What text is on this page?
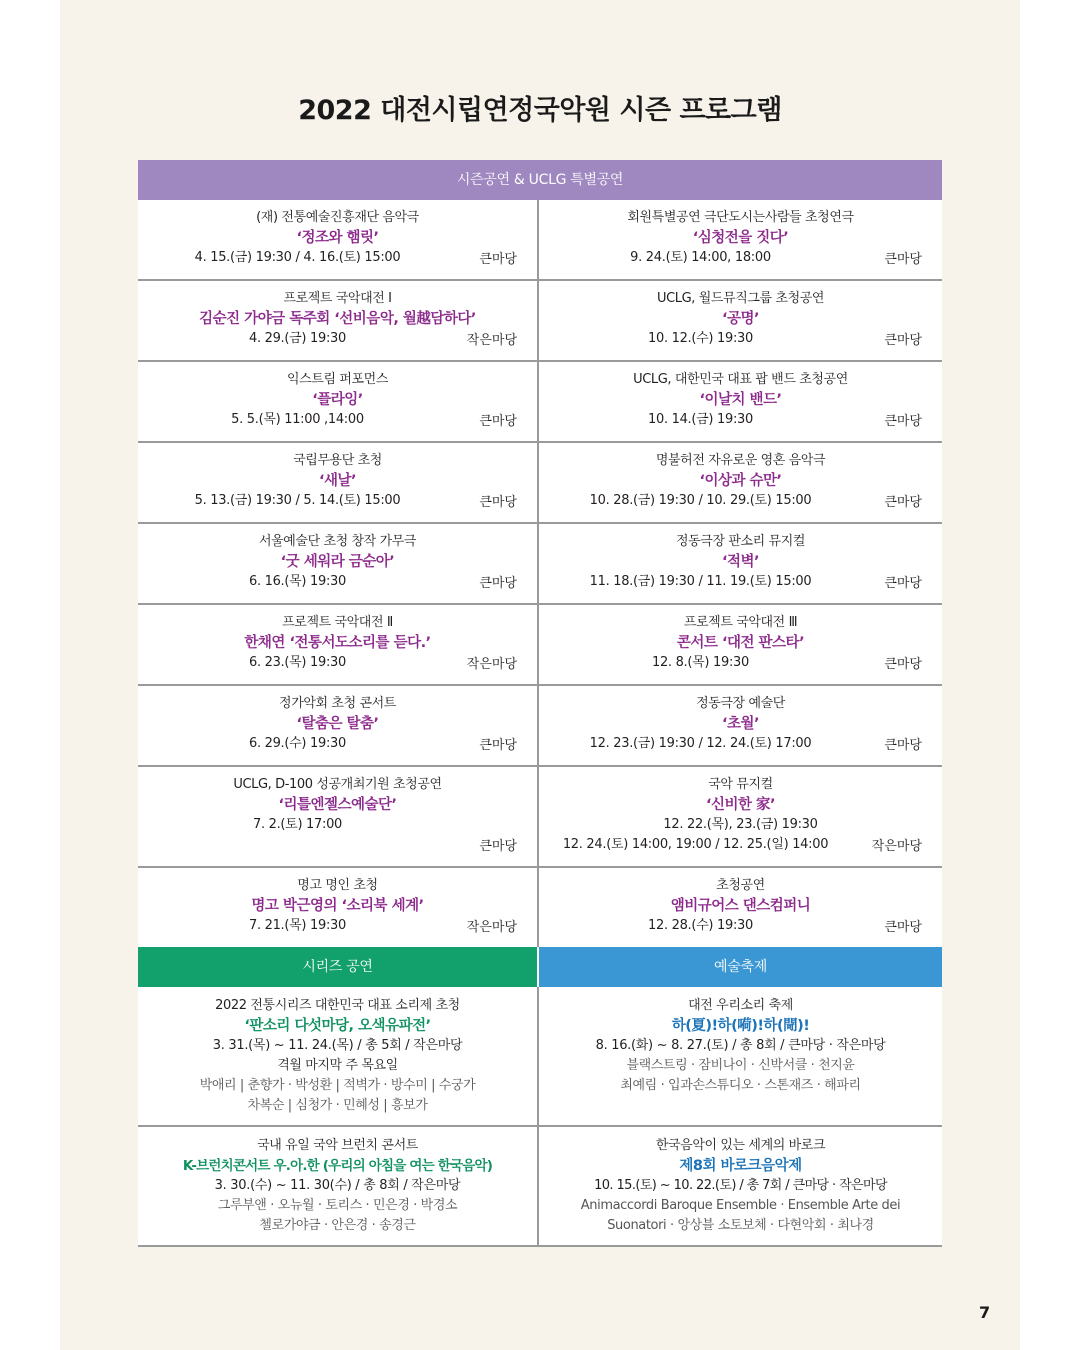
2022 대전시립연정국악원 시즌 프로그램
시즌공연 & UCLG 특별공연
(재) 전통예술진흥재단 음악극
‘정조와 햄릿’
4. 15.(금) 19:30 / 4. 16.(토) 15:00	큰마당
회원특별공연 극단도시는사람들 초청연극
‘심청전을 짓다’
9. 24.(토) 14:00, 18:00	큰마당
프로젝트 국악대전 Ⅰ
김순진 가야금 독주회 ‘선비음악, 월越담하다’
4. 29.(금) 19:30	작은마당
UCLG, 월드뮤직그룹 초청공연
‘공명’
10. 12.(수) 19:30	큰마당
익스트림 퍼포먼스
‘플라잉’
5. 5.(목) 11:00 ,14:00	큰마당
UCLG, 대한민국 대표 팝 밴드 초청공연
‘이날치 밴드’
10. 14.(금) 19:30	큰마당
국립무용단 초청
‘새날’
5. 13.(금) 19:30 / 5. 14.(토) 15:00	큰마당
명불허전 자유로운 영혼 음악극
‘이상과 슈만’
10. 28.(금) 19:30 / 10. 29.(토) 15:00	큰마당
서울예술단 초청 창작 가무극
‘굿 세워라 금순아’
6. 16.(목) 19:30	큰마당
정동극장 판소리 뮤지컬
‘적벽’
11. 18.(금) 19:30 / 11. 19.(토) 15:00	큰마당
프로젝트 국악대전 Ⅱ
한채연 ‘전통서도소리를 듣다.’
6. 23.(목) 19:30	작은마당
프로젝트 국악대전 Ⅲ
콘서트 ‘대전 판스타’
12. 8.(목) 19:30	큰마당
정가악회 초청 콘서트
‘탈춤은 탈춤’
6. 29.(수) 19:30	큰마당
정동극장 예술단
‘초월’
12. 23.(금) 19:30 / 12. 24.(토) 17:00	큰마당
UCLG, D-100 성공개최기원 초청공연
‘리틀엔젤스예술단’
7. 2.(토) 17:00
큰마당
국악 뮤지컬
‘신비한 家’
12. 22.(목), 23.(금) 19:30
12. 24.(토) 14:00, 19:00 / 12. 25.(일) 14:00	작은마당
명고 명인 초청
명고 박근영의 ‘소리북 세계’
7. 21.(목) 19:30	작은마당
초청공연
앰비규어스 댄스컴퍼니
12. 28.(수) 19:30	큰마당
시리즈 공연	예술축제
2022 전통시리즈 대한민국 대표 소리제 초청
‘판소리 다섯마당, 오색유파전’
3. 31.(목) ~ 11. 24.(목) / 총 5회 / 작은마당
격월 마지막 주 목요일
박애리 | 춘향가 · 박성환 | 적벽가 · 방수미 | 수궁가
차복순 | 심청가 · 민혜성 | 흥보가
대전 우리소리 축제
하(夏)!하(嗬)!하(閜)!
8. 16.(화) ~ 8. 27.(토) / 총 8회 / 큰마당 · 작은마당
블랙스트링 · 잠비나이 · 신박서클 · 천지윤
최예림 · 입과손스튜디오 · 스톤재즈 · 해파리
국내 유일 국악 브런치 콘서트
K-브런치콘서트 우.아.한 (우리의 아침을 여는 한국음악)
3. 30.(수) ~ 11. 30(수) / 총 8회 / 작은마당
그루부앤 · 오뉴월 · 토리스 · 민은경 · 박경소
첼로가야금 · 안은경 · 송경근
한국음악이 있는 세계의 바로크
제8회 바로크음악제
10. 15.(토) ~ 10. 22.(토) / 총 7회 / 큰마당 · 작은마당
Animaccordi Baroque Ensemble · Ensemble Arte dei
Suonatori · 앙상블 소토보체 · 다현악회 · 최나경
7
